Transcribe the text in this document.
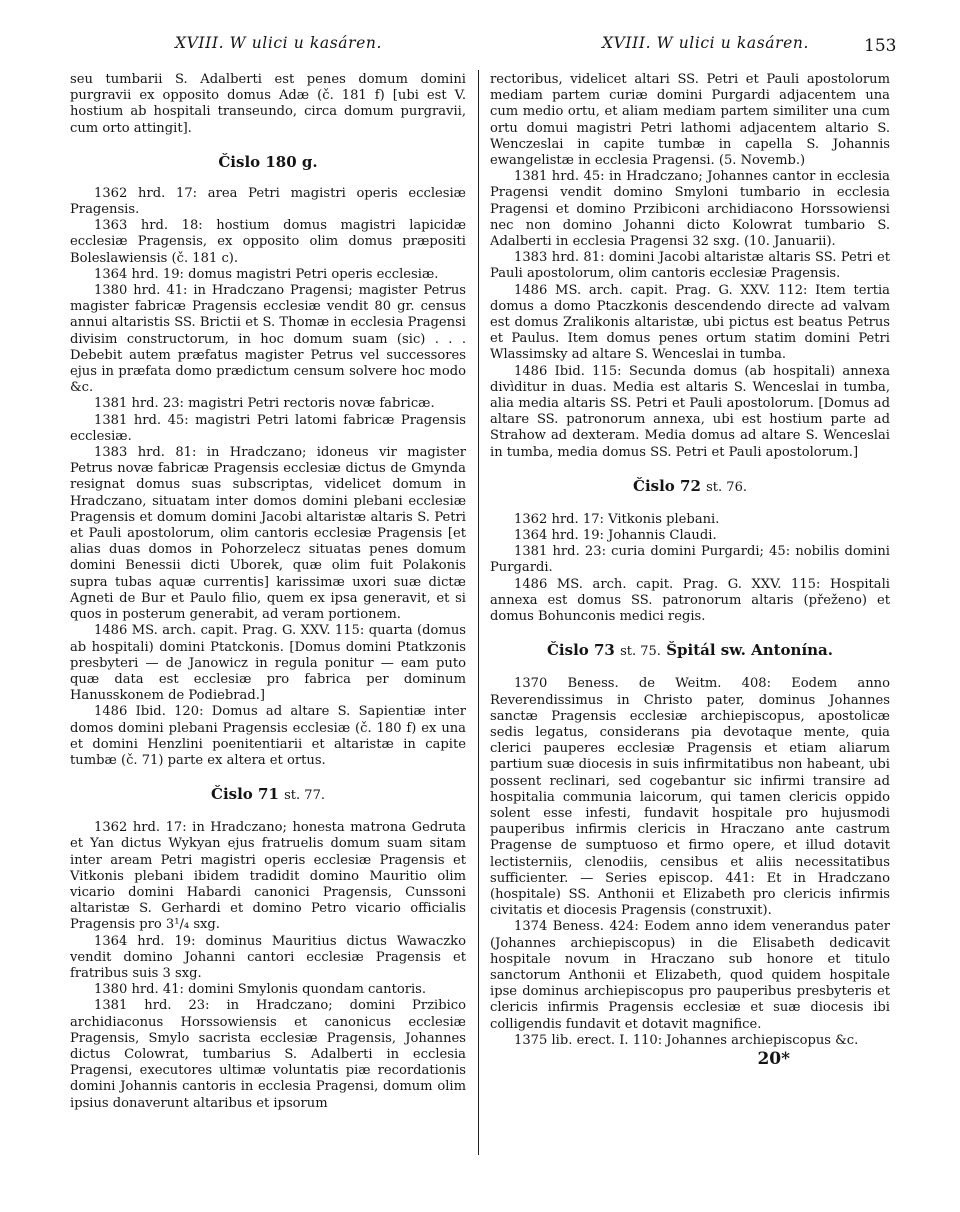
XVIII. W ulici u kasáren.	XVIII. W ulici u kasáren.	153

seu tumbarii S. Adalberti est penes domum domini purgravii ex opposito domus Adæ (č. 181 f) [ubi est V. hostium ab hospitali transeundo, circa domum purgravii, cum orto attingit].

Čislo 180 g.

1362 hrd. 17: area Petri magistri operis ecclesiæ Pragensis.

1363 hrd. 18: hostium domus magistri lapicidæ ecclesiæ Pragensis, ex opposito olim domus præpositi Boleslawiensis (č. 181 c).

1364 hrd. 19: domus magistri Petri operis ecclesiæ.

1380 hrd. 41: in Hradczano Pragensi; magister Petrus magister fabricæ Pragensis ecclesiæ vendit 80 gr. census annui altaristis SS. Brictii et S. Thomæ in ecclesia Pragensi divisim constructorum, in hoc domum suam (sic) . . . Debebit autem præfatus magister Petrus vel successores ejus in præfata domo prædictum censum solvere hoc modo &c.

1381 hrd. 23: magistri Petri rectoris novæ fabricæ.

1381 hrd. 45: magistri Petri latomi fabricæ Pragensis ecclesiæ.

1383 hrd. 81: in Hradczano; idoneus vir magister Petrus novæ fabricæ Pragensis ecclesiæ dictus de Gmynda resignat domus suas subscriptas, videlicet domum in Hradczano, situatam inter domos domini plebani ecclesiæ Pragensis et domum domini Jacobi altaristæ altaris S. Petri et Pauli apostolorum, olim cantoris ecclesiæ Pragensis [et alias duas domos in Pohorzelecz situatas penes domum domini Benessii dicti Uborek, quæ olim fuit Polakonis supra tubas aquæ currentis] karissimæ uxori suæ dictæ Agneti de Bur et Paulo filio, quem ex ipsa generavit, et si quos in posterum generabit, ad veram portionem.

1486 MS. arch. capit. Prag. G. XXV. 115: quarta (domus ab hospitali) domini Ptatckonis. [Domus domini Ptatkzonis presbyteri — de Janowicz in regula ponitur — eam puto quæ data est ecclesiæ pro fabrica per dominum Hanusskonem de Podiebrad.]

1486 Ibid. 120: Domus ad altare S. Sapientiæ inter domos domini plebani Pragensis ecclesiæ (č. 180 f) ex una et domini Henzlini poenitentiarii et altaristæ in capite tumbæ (č. 71) parte ex altera et ortus.

Čislo 71 st. 77.

1362 hrd. 17: in Hradczano; honesta matrona Gedruta et Yan dictus Wykyan ejus fratruelis domum suam sitam inter aream Petri magistri operis ecclesiæ Pragensis et Vitkonis plebani ibidem tradidit domino Mauritio olim vicario domini Habardi canonici Pragensis, Cunssoni altaristæ S. Gerhardi et domino Petro vicario officialis Pragensis pro 3¹/₄ sxg.

1364 hrd. 19: dominus Mauritius dictus Wawaczko vendit domino Johanni cantori ecclesiæ Pragensis et fratribus suis 3 sxg.

1380 hrd. 41: domini Smylonis quondam cantoris.

1381 hrd. 23: in Hradczano; domini Przibico archidiaconus Horssowiensis et canonicus ecclesiæ Pragensis, Smylo sacrista ecclesiæ Pragensis, Johannes dictus Colowrat, tumbarius S. Adalberti in ecclesia Pragensi, executores ultimæ voluntatis piæ recordationis domini Johannis cantoris in ecclesia Pragensi, domum olim ipsius donaverunt altaribus et ipsorum

rectoribus, videlicet altari SS. Petri et Pauli apostolorum mediam partem curiæ domini Purgardi adjacentem una cum medio ortu, et aliam mediam partem similiter una cum ortu domui magistri Petri lathomi adjacentem altario S. Wenczeslai in capite tumbæ in capella S. Johannis ewangelistæ in ecclesia Pragensi. (5. Novemb.)

1381 hrd. 45: in Hradczano; Johannes cantor in ecclesia Pragensi vendit domino Smyloni tumbario in ecclesia Pragensi et domino Przibiconi archidiacono Horssowiensi nec non domino Johanni dicto Kolowrat tumbario S. Adalberti in ecclesia Pragensi 32 sxg. (10. Januarii).

1383 hrd. 81: domini Jacobi altaristæ altaris SS. Petri et Pauli apostolorum, olim cantoris ecclesiæ Pragensis.

1486 MS. arch. capit. Prag. G. XXV. 112: Item tertia domus a domo Ptaczkonis descendendo directe ad valvam est domus Zralikonis altaristæ, ubi pictus est beatus Petrus et Paulus. Item domus penes ortum statim domini Petri Wlassimsky ad altare S. Wenceslai in tumba.

1486 Ibid. 115: Secunda domus (ab hospitali) annexa divìditur in duas. Media est altaris S. Wenceslai in tumba, alia media altaris SS. Petri et Pauli apostolorum. [Domus ad altare SS. patronorum annexa, ubi est hostium parte ad Strahow ad dexteram. Media domus ad altare S. Wenceslai in tumba, media domus SS. Petri et Pauli apostolorum.]

Čislo 72 st. 76.

1362 hrd. 17: Vitkonis plebani.

1364 hrd. 19: Johannis Claudi.

1381 hrd. 23: curia domini Purgardi; 45: nobilis domini Purgardi.

1486 MS. arch. capit. Prag. G. XXV. 115: Hospitali annexa est domus SS. patronorum altaris (přeženo) et domus Bohunconis medici regis.

Čislo 73 st. 75. Špitál sw. Antonína.

1370 Beness. de Weitm. 408: Eodem anno Reverendissimus in Christo pater, dominus Johannes sanctæ Pragensis ecclesiæ archiepiscopus, apostolicæ sedis legatus, considerans pia devotaque mente, quia clerici pauperes ecclesiæ Pragensis et etiam aliarum partium suæ diocesis in suis infirmitatibus non habeant, ubi possent reclinari, sed cogebantur sic infirmi transire ad hospitalia communia laicorum, qui tamen clericis oppido solent esse infesti, fundavit hospitale pro hujusmodi pauperibus infirmis clericis in Hraczano ante castrum Pragense de sumptuoso et firmo opere, et illud dotavit lectisterniis, clenodiis, censibus et aliis necessitatibus sufficienter. — Series episcop. 441: Et in Hradczano (hospitale) SS. Anthonii et Elizabeth pro clericis infirmis civitatis et diocesis Pragensis (construxit).

1374 Beness. 424: Eodem anno idem venerandus pater (Johannes archiepiscopus) in die Elisabeth dedicavit hospitale novum in Hraczano sub honore et titulo sanctorum Anthonii et Elizabeth, quod quidem hospitale ipse dominus archiepiscopus pro pauperibus presbyteris et clericis infirmis Pragensis ecclesiæ et suæ diocesis ibi colligendis fundavit et dotavit magnifice.

1375 lib. erect. I. 110: Johannes archiepiscopus &c.

20*
